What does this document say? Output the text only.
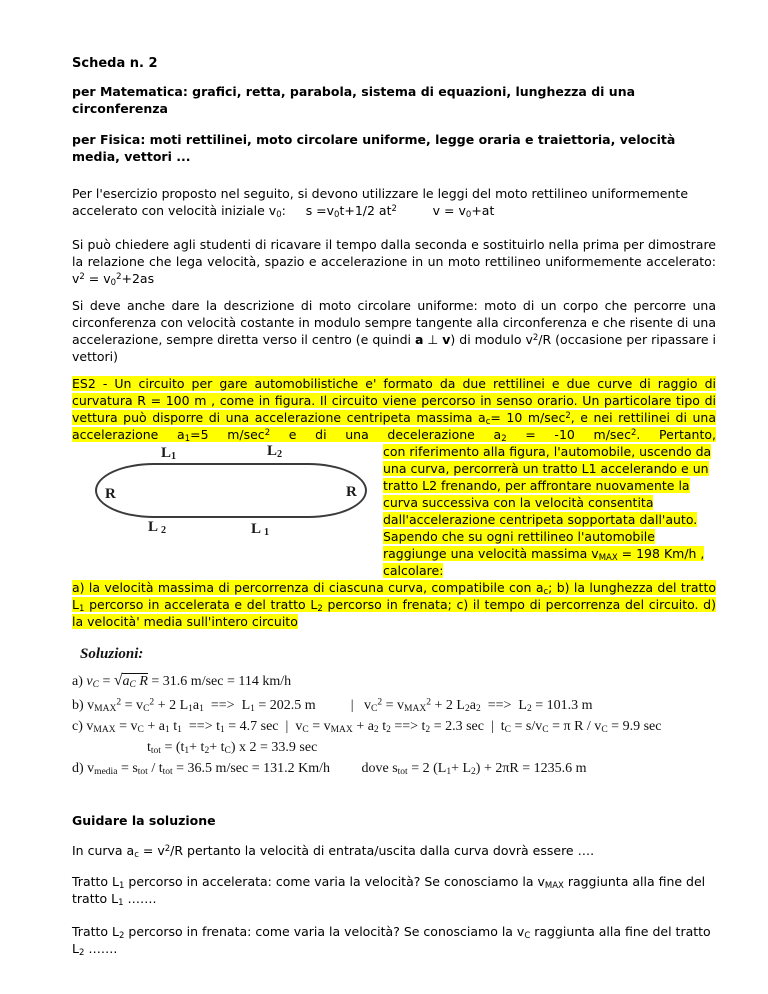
Scheda n. 2
per Matematica: grafici, retta, parabola, sistema di equazioni, lunghezza di una circonferenza
per Fisica: moti rettilinei, moto circolare uniforme, legge oraria e traiettoria, velocità media, vettori ...

Per l'esercizio proposto nel seguito, si devono utilizzare le leggi del moto rettilineo uniformemente accelerato con velocità iniziale $v_0$:     $s =v_0t+1/2$ $at^2$         $v = v_0+at$

Si può chiedere agli studenti di ricavare il tempo dalla seconda e sostituirlo nella prima per dimostrare la relazione che lega velocità, spazio e accelerazione in un moto rettilineo uniformemente accelerato: $v^2 = v_0^2+2as$

Si deve anche dare la descrizione di moto circolare uniforme: moto di un corpo che percorre una circonferenza con velocità costante in modulo sempre tangente alla circonferenza e che risente di una accelerazione, sempre diretta verso il centro (e quindi a ⊥ v) di modulo $v^2/R$ (occasione per ripassare i vettori)

ES2 - Un circuito per gare automobilistiche e' formato da due rettilinei e due curve di raggio di curvatura R = 100 m , come in figura. Il circuito viene percorso in senso orario. Un particolare tipo di vettura può disporre di una accelerazione centripeta massima $a_c= 10$ $m/\sec^2$, e nei rettilinei di una accelerazione $a_1=5$ $m/\sec^2$ e di una decelerazione $a_2 = -10$ $m/\sec^2$. Pertanto,
$L_1$	$L_2$
R	R
L $_2$	L $_1$
con riferimento alla figura, l'automobile, uscendo da una curva, percorrerà un tratto L1 accelerando e un tratto L2 frenando, per affrontare nuovamente la curva successiva con la velocità consentita dall'accelerazione centripeta sopportata dall'auto. Sapendo che su ogni rettilineo l'automobile raggiunge una velocità massima $v_{MAX} = 198$ Km/h , calcolare:
a) la velocità massima di percorrenza di ciascuna curva, compatibile con $a_c$; b) la lunghezza del tratto $L_1$ percorso in accelerata e del tratto $L_2$ percorso in frenata; c) il tempo di percorrenza del circuito. d) la velocità' media sull'intero circuito
Soluzioni:

a) $v_C = √a_C$ R = 31.6 m/sec = 114 km/h

b) $v_{MAX}^2 = v_C^2 + 2$ $L_1a_1$  ==>  $L_1 = 202.5$ m          |   $v_C^2 = v_{MAX}^2 + 2$ $L_2a_2$  ==>  $L_2 = 101.3$ m

c) $v_{MAX} = v_C + a_1$ $t_1$  ==> $t_1 = 4.7$ sec  |  $v_C = v_{MAX} + a_2$ $t_2$ ==> $t_2 = 2.3$ sec  |  $t_C = s/v_C = \pi$ $R / v_C = 9.9$ sec

$t_{tot} = (t_1+ t_2+ t_C)$ x 2 = 33.9 sec

d) $v_{media} = s_{tot} / t_{tot} = 36.5$ m/sec = 131.2 Km/h         dove $s_{tot} = 2$ $(L_1+ L_2) + 2\pi R = 1235.6$ m

Guidare la soluzione

In curva $a_c = v^2/R$ pertanto la velocità di entrata/uscita dalla curva dovrà essere ….

Tratto $L_1$ percorso in accelerata: come varia la velocità? Se conosciamo la $v_{MAX}$ raggiunta alla fine del tratto $L_1$ …….

Tratto $L_2$ percorso in frenata: come varia la velocità? Se conosciamo la $v_C$ raggiunta alla fine del tratto $L_2$ …….
